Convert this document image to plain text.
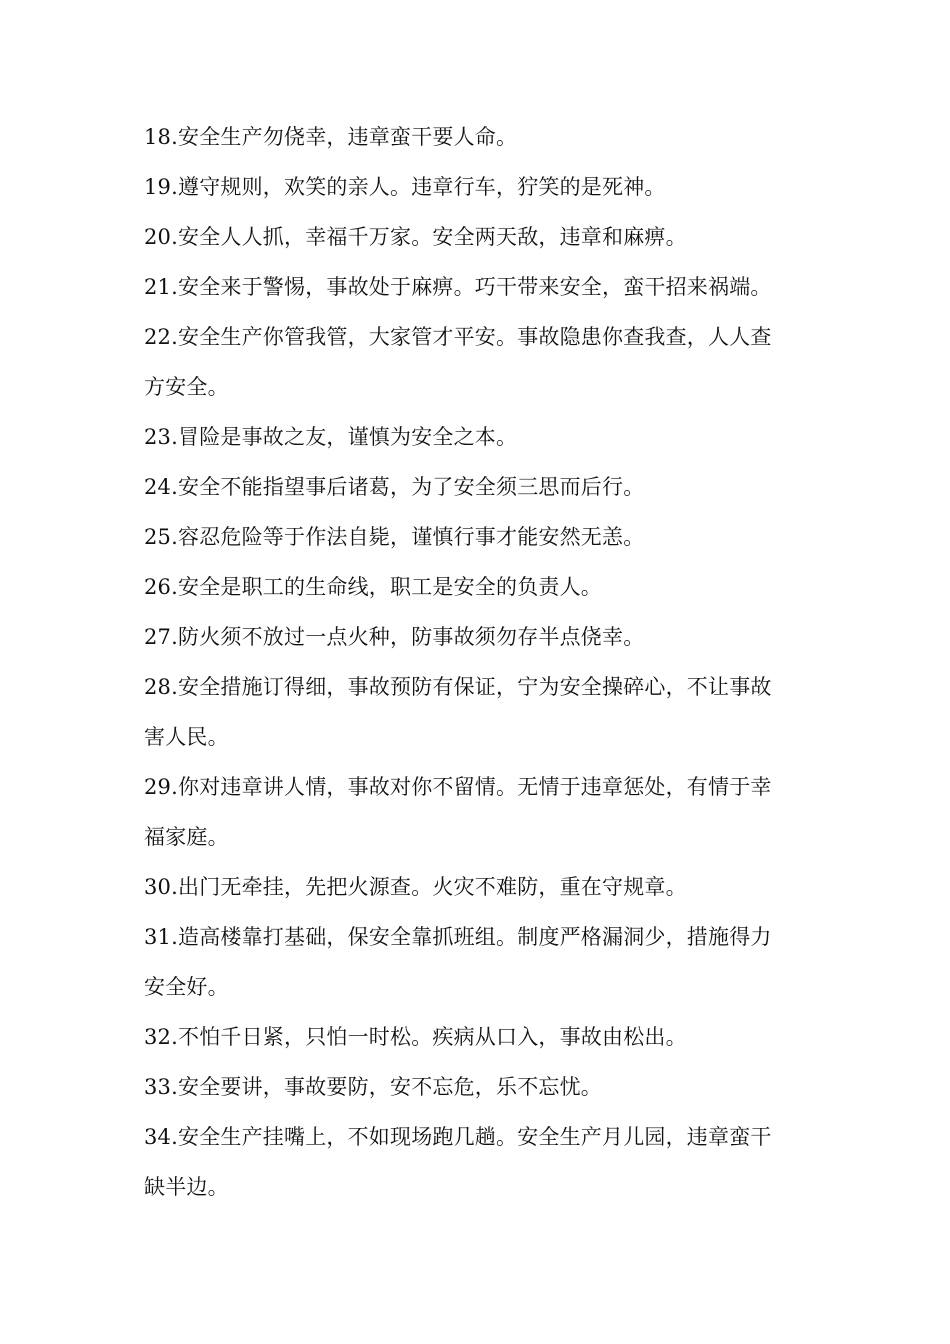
18.安全生产勿侥幸，违章蛮干要人命。
19.遵守规则，欢笑的亲人。违章行车，狞笑的是死神。
20.安全人人抓，幸福千万家。安全两天敌，违章和麻痹。
21.安全来于警惕，事故处于麻痹。巧干带来安全，蛮干招来祸端。
22.安全生产你管我管，大家管才平安。事故隐患你查我查，人人查
方安全。
23.冒险是事故之友，谨慎为安全之本。
24.安全不能指望事后诸葛，为了安全须三思而后行。
25.容忍危险等于作法自毙，谨慎行事才能安然无恙。
26.安全是职工的生命线，职工是安全的负责人。
27.防火须不放过一点火种，防事故须勿存半点侥幸。
28.安全措施订得细，事故预防有保证，宁为安全操碎心，不让事故
害人民。
29.你对违章讲人情，事故对你不留情。无情于违章惩处，有情于幸
福家庭。
30.出门无牵挂，先把火源查。火灾不难防，重在守规章。
31.造高楼靠打基础，保安全靠抓班组。制度严格漏洞少，措施得力
安全好。
32.不怕千日紧，只怕一时松。疾病从口入，事故由松出。
33.安全要讲，事故要防，安不忘危，乐不忘忧。
34.安全生产挂嘴上，不如现场跑几趟。安全生产月儿园，违章蛮干
缺半边。
